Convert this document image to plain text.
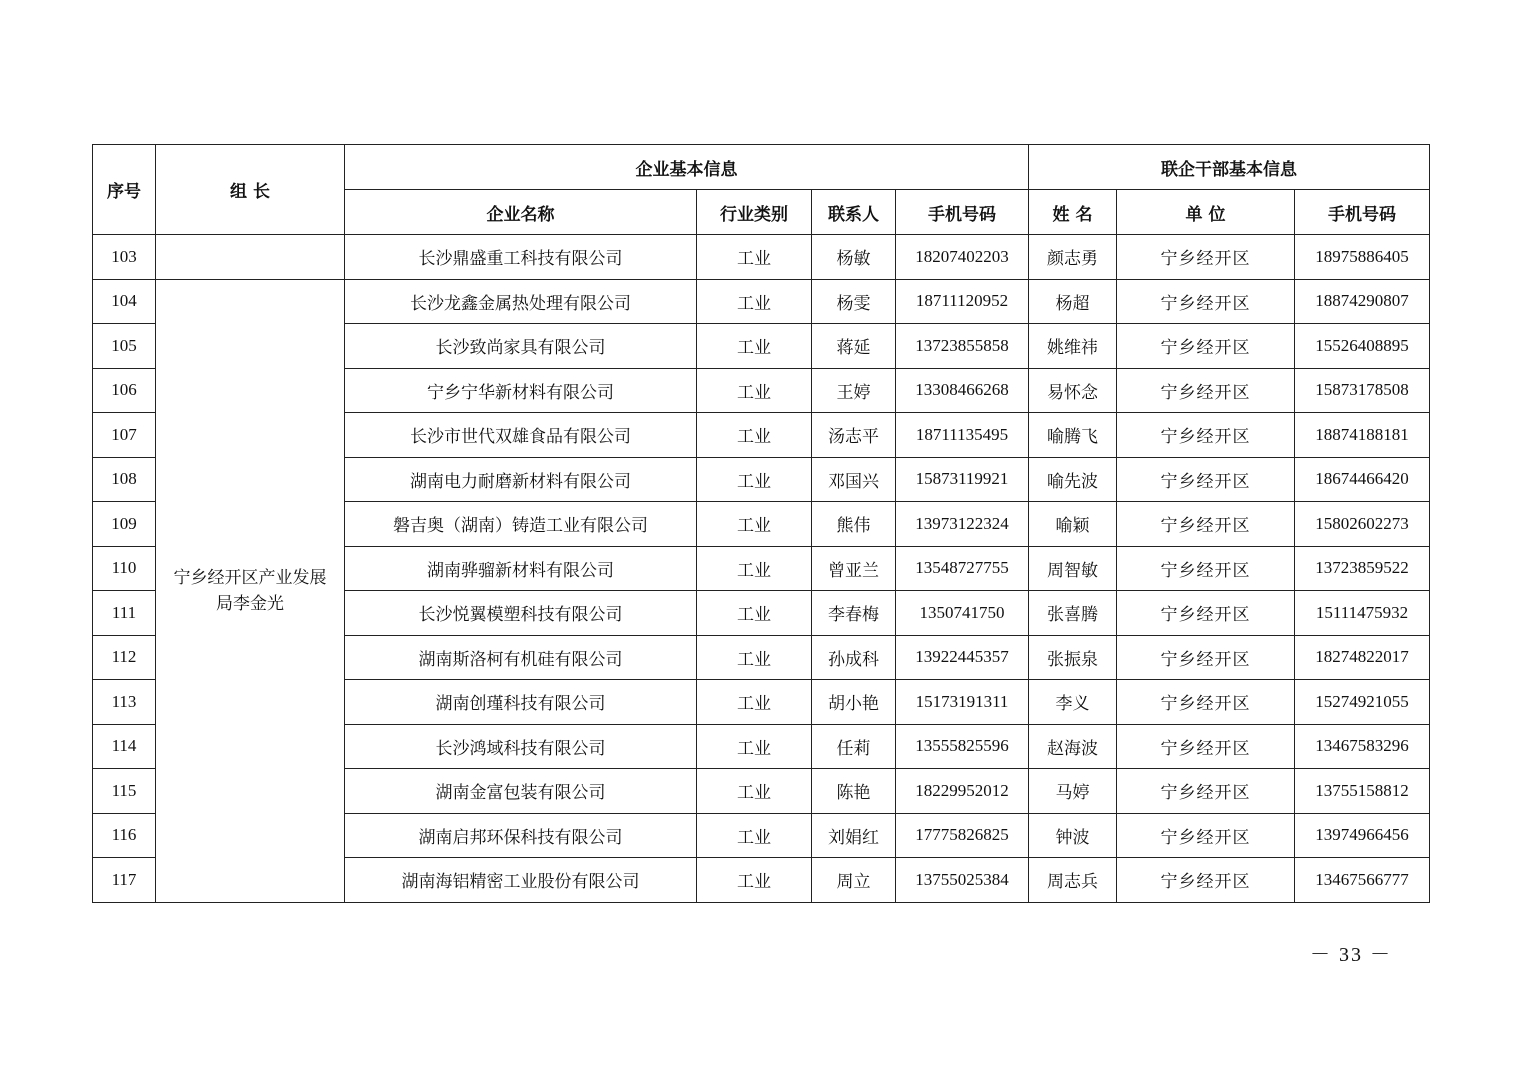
序号	组 长	企业基本信息				联企干部基本信息		
		企业名称	行业类别	联系人	手机号码	姓 名	单 位	手机号码
103		长沙鼎盛重工科技有限公司	工业	杨敏	18207402203	颜志勇	宁乡经开区	18975886405
104	宁乡经开区产业发展局李金光	长沙龙鑫金属热处理有限公司	工业	杨雯	18711120952	杨超	宁乡经开区	18874290807
105		长沙致尚家具有限公司	工业	蒋延	13723855858	姚维祎	宁乡经开区	15526408895
106		宁乡宁华新材料有限公司	工业	王婷	13308466268	易怀念	宁乡经开区	15873178508
107		长沙市世代双雄食品有限公司	工业	汤志平	18711135495	喻腾飞	宁乡经开区	18874188181
108		湖南电力耐磨新材料有限公司	工业	邓国兴	15873119921	喻先波	宁乡经开区	18674466420
109		磐吉奥（湖南）铸造工业有限公司	工业	熊伟	13973122324	喻颖	宁乡经开区	15802602273
110		湖南骅骝新材料有限公司	工业	曾亚兰	13548727755	周智敏	宁乡经开区	13723859522
111		长沙悦翼模塑科技有限公司	工业	李春梅	1350741750	张喜腾	宁乡经开区	15111475932
112		湖南斯洛柯有机硅有限公司	工业	孙成科	13922445357	张振泉	宁乡经开区	18274822017
113		湖南创瑾科技有限公司	工业	胡小艳	15173191311	李义	宁乡经开区	15274921055
114		长沙鸿域科技有限公司	工业	任莉	13555825596	赵海波	宁乡经开区	13467583296
115		湖南金富包装有限公司	工业	陈艳	18229952012	马婷	宁乡经开区	13755158812
116		湖南启邦环保科技有限公司	工业	刘娟红	17775826825	钟波	宁乡经开区	13974966456
117		湖南海铝精密工业股份有限公司	工业	周立	13755025384	周志兵	宁乡经开区	13467566777
－ 33 －
